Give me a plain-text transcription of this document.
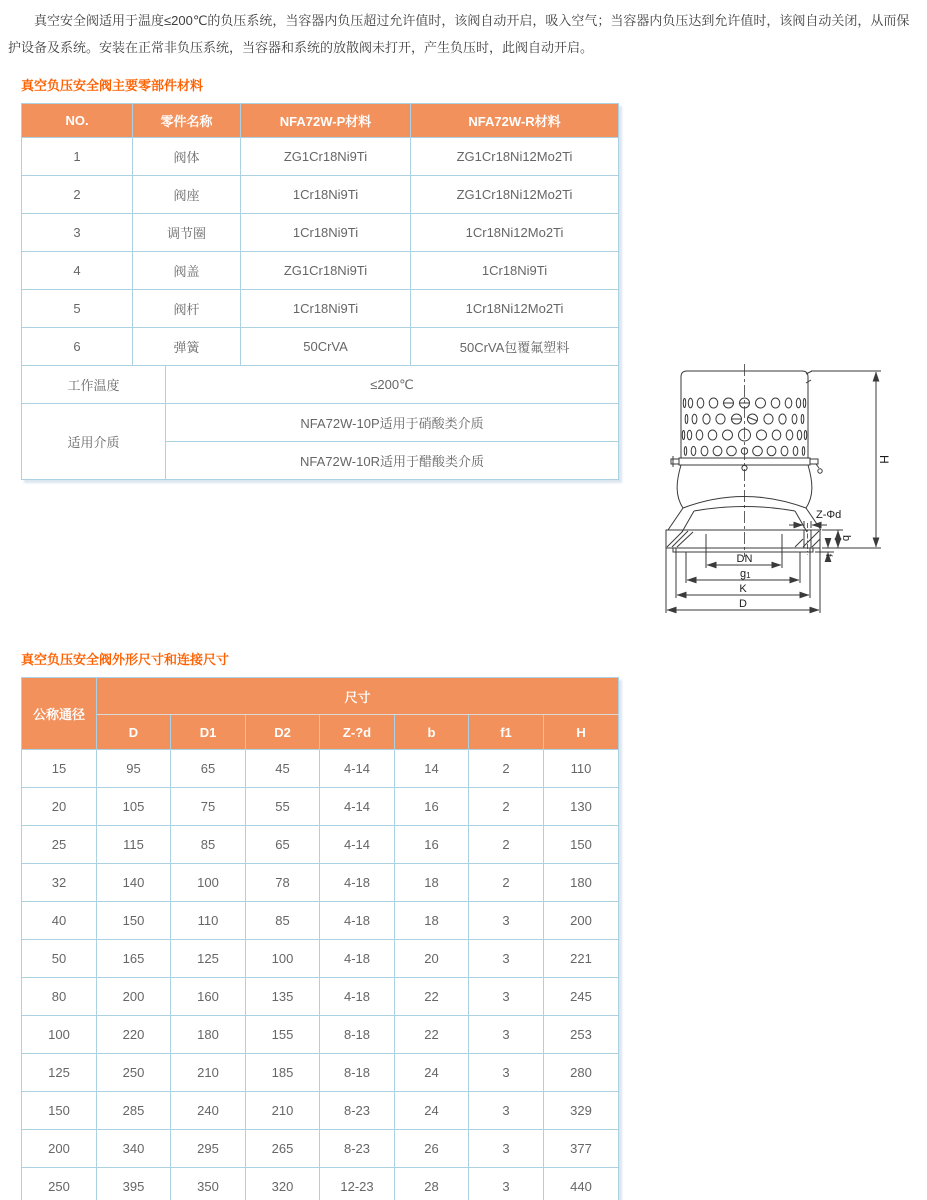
真空安全阀适用于温度≤200℃的负压系统，当容器内负压超过允许值时，该阀自动开启，吸入空气；当容器内负压达到允许值时，该阀自动关闭，从而保护设备及系统。安装在正常非负压系统，当容器和系统的放散阀未打开，产生负压时，此阀自动开启。

真空负压安全阀主要零部件材料
NO.	零件名称		NFA72W-P材料	NFA72W-R材料
1	阀体		ZG1Cr18Ni9Ti	ZG1Cr18Ni12Mo2Ti
2	阀座		1Cr18Ni9Ti	ZG1Cr18Ni12Mo2Ti
3	调节圈		1Cr18Ni9Ti	1Cr18Ni12Mo2Ti
4	阀盖		ZG1Cr18Ni9Ti	1Cr18Ni9Ti
5	阀杆		1Cr18Ni9Ti	1Cr18Ni12Mo2Ti
6	弹簧		50CrVA	50CrVA包覆氟塑料
工作温度		≤200℃		
适用介质		NFA72W-10P适用于硝酸类介质		
		NFA72W-10R适用于醋酸类介质		
真空负压安全阀外形尺寸和连接尺寸
公称通径	尺寸						
	D	D1	D2	Z-?d	b	f1	H
15	95	65	45	4-14	14	2	110
20	105	75	55	4-14	16	2	130
25	115	85	65	4-14	16	2	150
32	140	100	78	4-18	18	2	180
40	150	110	85	4-18	18	3	200
50	165	125	100	4-18	20	3	221
80	200	160	135	4-18	22	3	245
100	220	180	155	8-18	22	3	253
125	250	210	185	8-18	24	3	280
150	285	240	210	8-23	24	3	329
200	340	295	265	8-23	26	3	377
250	395	350	320	12-23	28	3	440
Z-Φd
H
b
f
DN
g1
K
D
